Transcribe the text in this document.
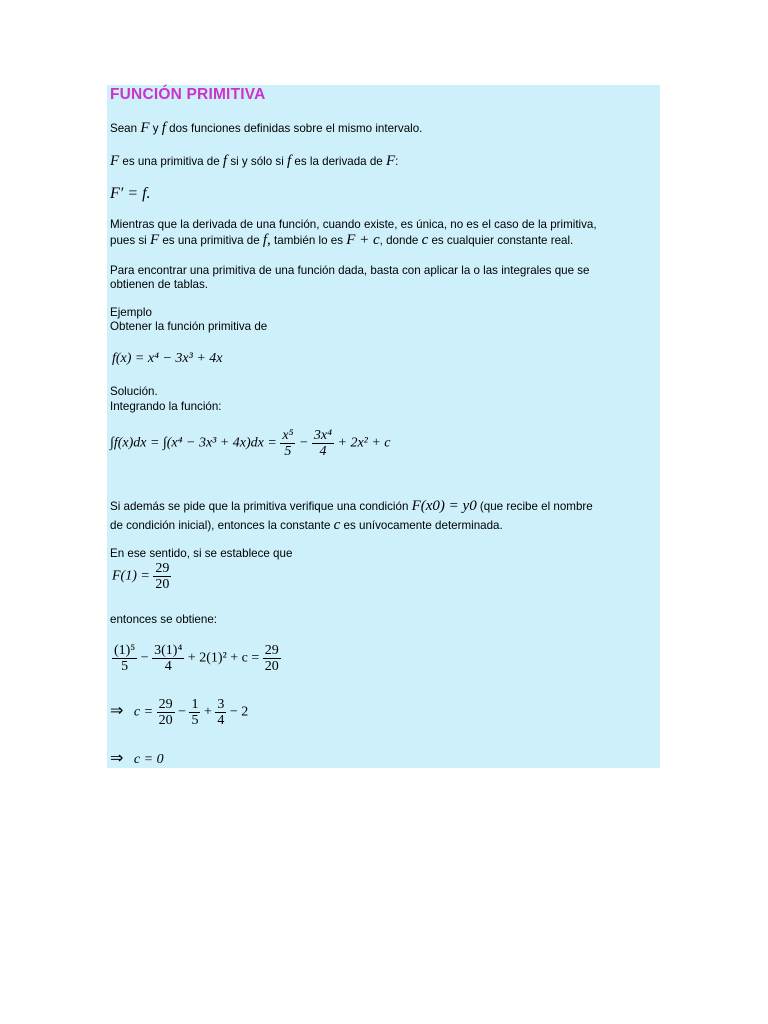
FUNCIÓN PRIMITIVA
Sean F y f dos funciones definidas sobre el mismo intervalo.
F es una primitiva de f si y sólo si f es la derivada de F:
F′ = f.
Mientras que la derivada de una función, cuando existe, es única, no es el caso de la primitiva,
pues si F es una primitiva de f, también lo es F + c, donde c es cualquier constante real.
Para encontrar una primitiva de una función dada, basta con aplicar la o las integrales que se
obtienen de tablas.
Ejemplo
Obtener la función primitiva de
f(x) = x⁴ − 3x³ + 4x
Solución.
Integrando la función:
$\int f(x)dx = \int(x^4 - 3x^3 + 4x)dx = \frac{\text{x⁵}}{5} - \frac{\text{3x⁴}}{4} + 2x^2 + c$
Si además se pide que la primitiva verifique una condición F(x0) = y0 (que recibe el nombre
de condición inicial), entonces la constante c es unívocamente determinada.
En ese sentido, si se establece que
$F(1) = \frac{29}{20}$
entonces se obtiene:
$\frac{\text{(1)⁵}}{5} - \frac{\text{3(1)⁴}}{4} + 2(1)^2 + c = \frac{29}{20}$
⇒ $c = \frac{29}{20} - \frac{1}{5} + \frac{3}{4} - 2$
⇒ c = 0
